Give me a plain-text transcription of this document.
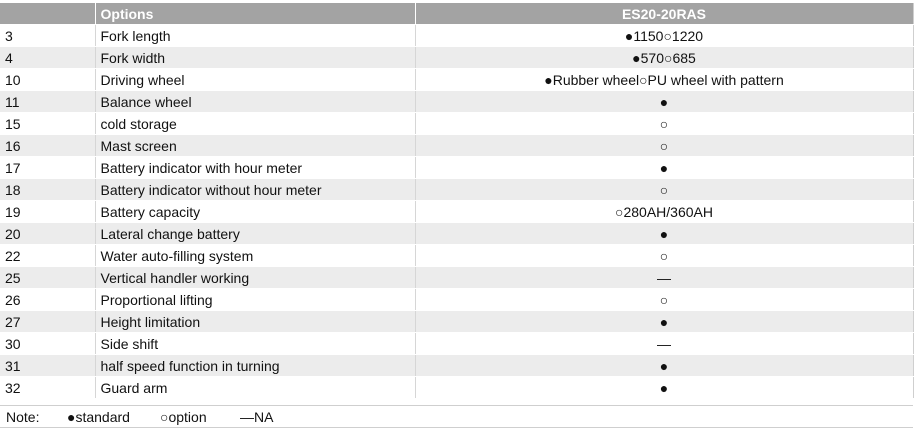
	Options	ES20-20RAS
3	Fork length	●1150○1220
4	Fork width	●570○685
10	Driving wheel	●Rubber wheel○PU wheel with pattern
11	Balance wheel	●
15	cold storage	○
16	Mast screen	○
17	Battery indicator with hour meter	●
18	Battery indicator without hour meter	○
19	Battery capacity	○280AH/360AH
20	Lateral change battery	●
22	Water auto-filling system	○
25	Vertical handler working	—
26	Proportional lifting	○
27	Height limitation	●
30	Side shift	—
31	half speed function in turning	●
32	Guard arm	●
Note: ●standard ○option —NA
